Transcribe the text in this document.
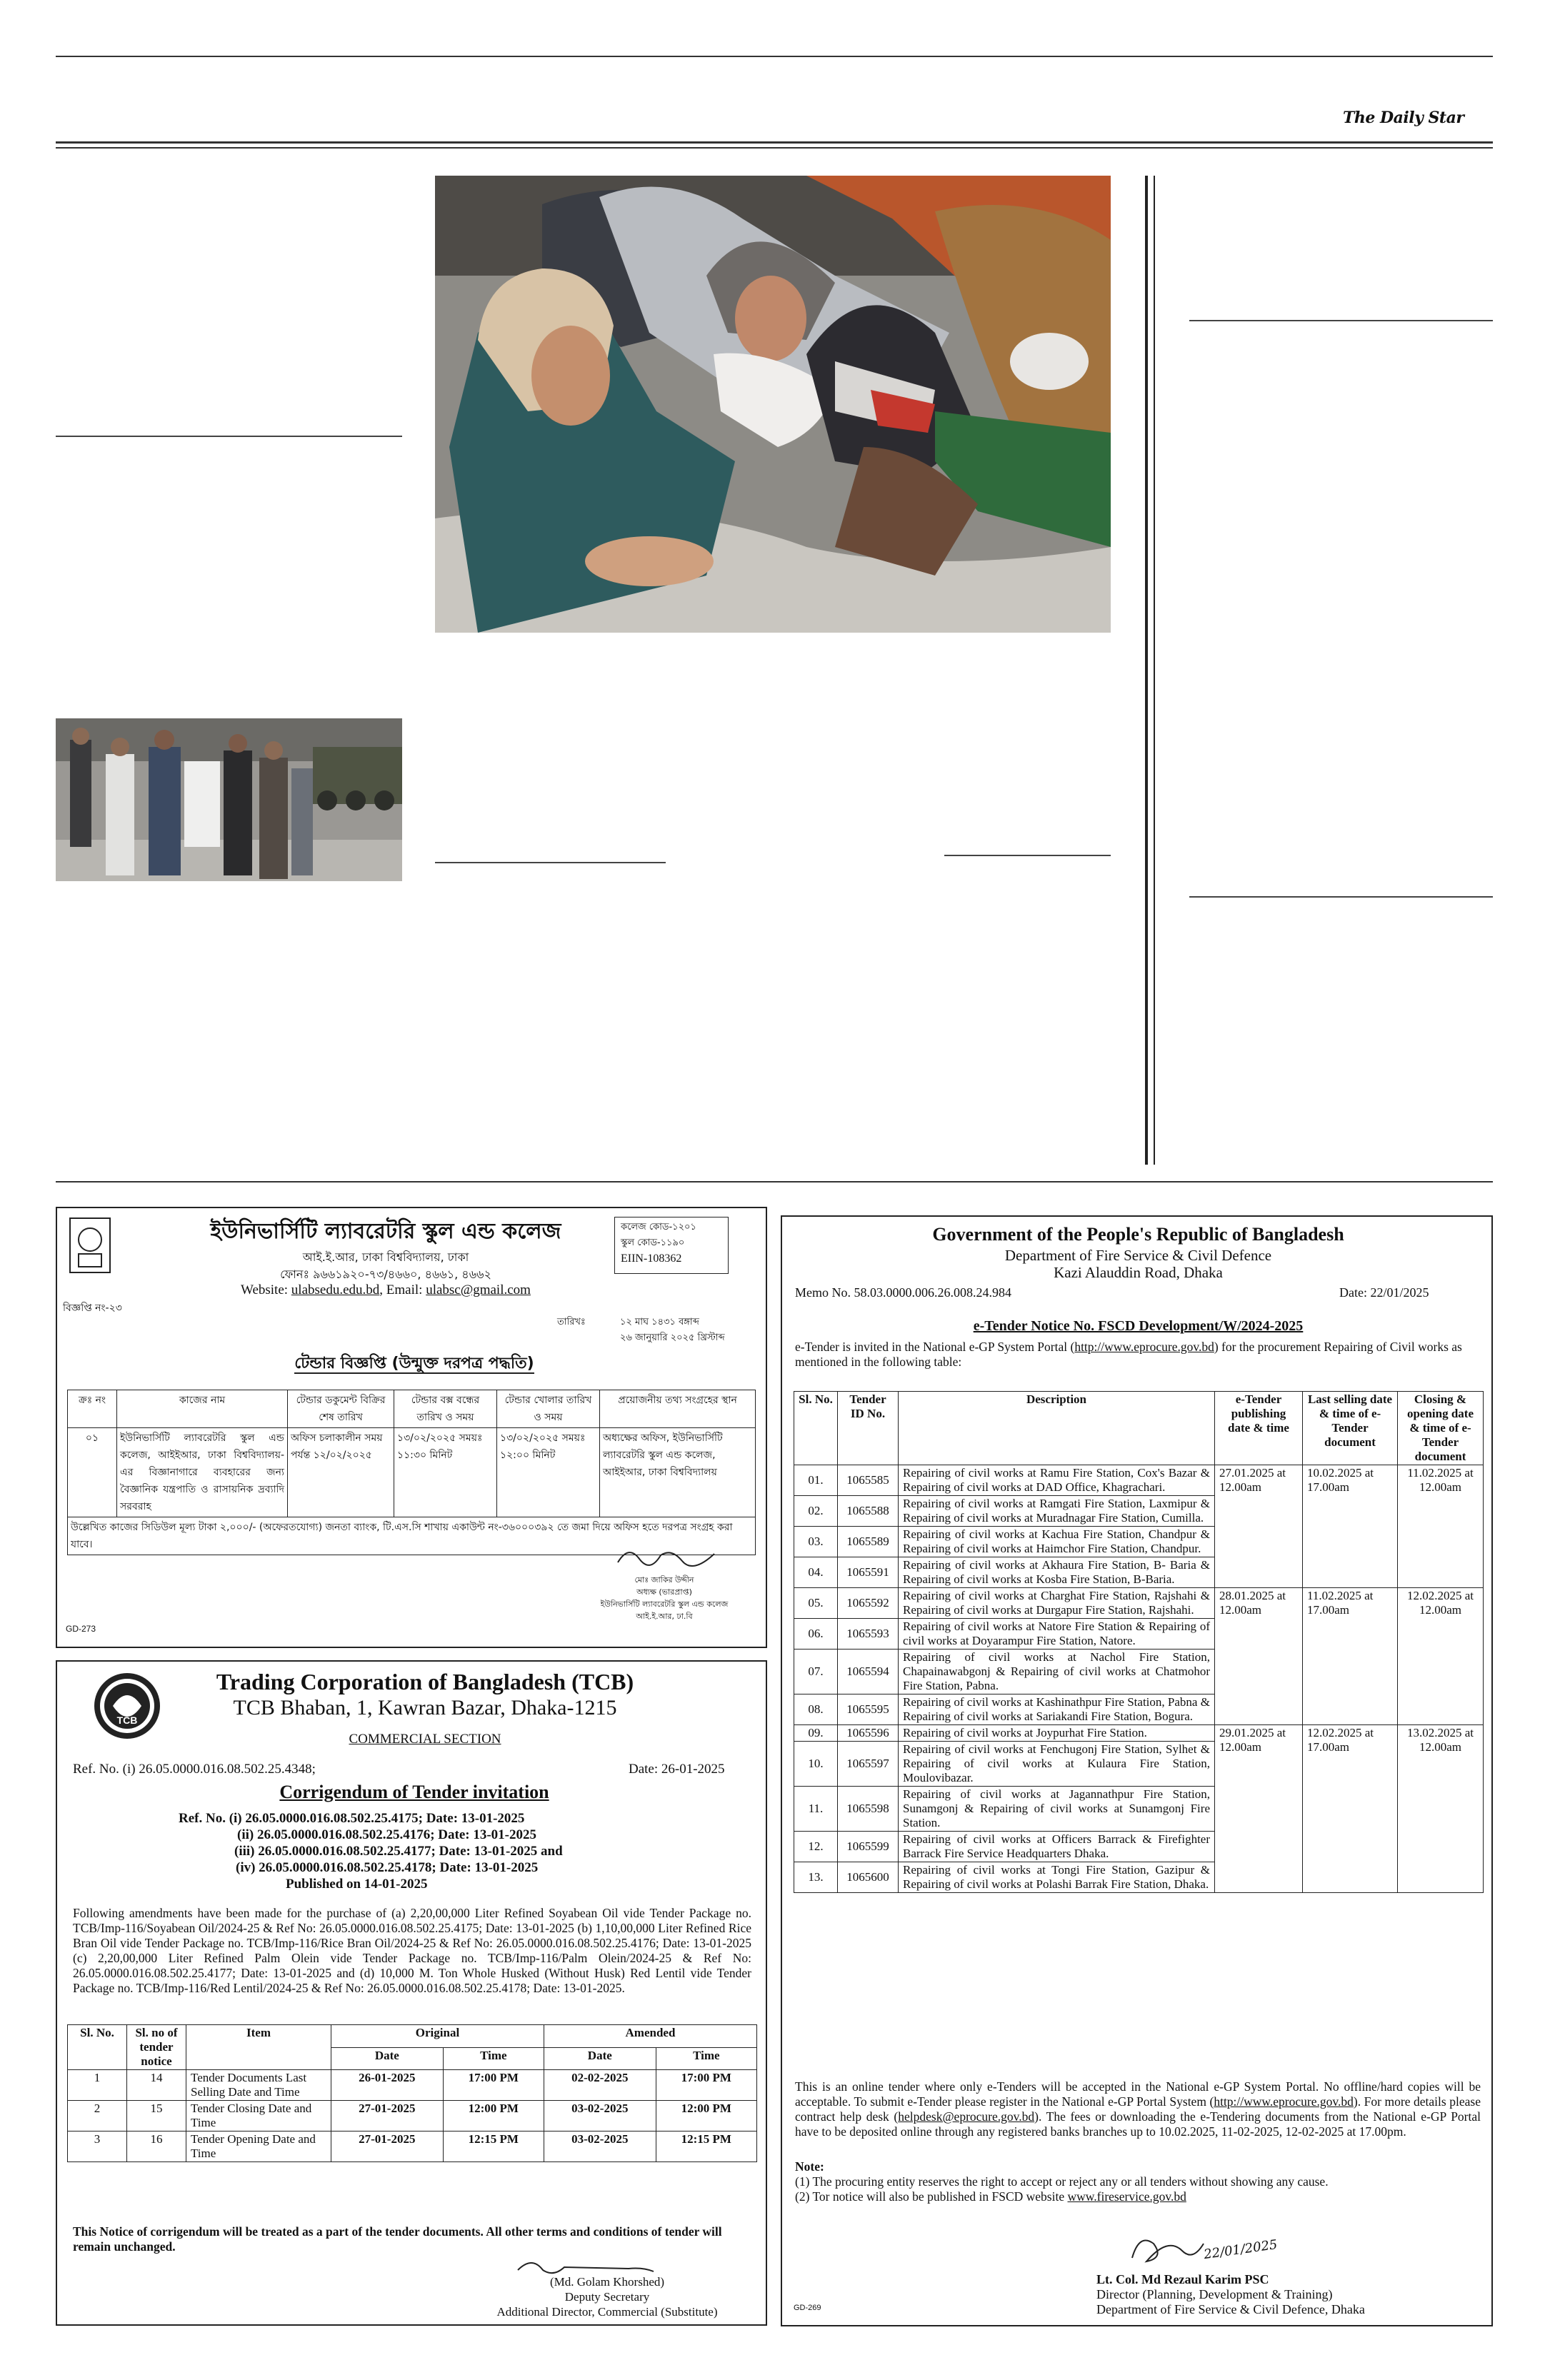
The Daily Star
ইউনিভার্সিটি ল্যাবরেটরি স্কুল এন্ড কলেজ
আই.ই.আর, ঢাকা বিশ্ববিদ্যালয়, ঢাকা
ফোনঃ ৯৬৬১৯২০-৭৩/৪৬৬০, ৪৬৬১, ৪৬৬২
Website: ulabsedu.edu.bd, Email: ulabsc@gmail.com
কলেজ কোড-১২০১
স্কুল কোড-১১৯০
EIIN-108362
বিজ্ঞপ্তি নং-২৩
তারিখঃ	১২ মাঘ ১৪৩১ বঙ্গাব্দ
২৬ জানুয়ারি ২০২৫ খ্রিস্টাব্দ
টেন্ডার বিজ্ঞপ্তি (উন্মুক্ত দরপত্র পদ্ধতি)
ক্রঃ নং	কাজের নাম	টেন্ডার ডকুমেন্ট বিক্রির শেষ তারিখ	টেন্ডার বক্স বন্ধের তারিখ ও সময়	টেন্ডার খোলার তারিখ ও সময়	প্রয়োজনীয় তথ্য সংগ্রহের স্থান
০১	ইউনিভার্সিটি ল্যাবরেটরি স্কুল এন্ড কলেজ, আইইআর, ঢাকা বিশ্ববিদ্যালয়-এর বিজ্ঞানাগারে ব্যবহারের জন্য বৈজ্ঞানিক যন্ত্রপাতি ও রাসায়নিক দ্রব্যাদি সরবরাহ	অফিস চলাকালীন সময় পর্যন্ত ১২/০২/২০২৫	১৩/০২/২০২৫ সময়ঃ ১১:৩০ মিনিট	১৩/০২/২০২৫ সময়ঃ ১২:০০ মিনিট	অধ্যক্ষের অফিস, ইউনিভার্সিটি ল্যাবরেটরি স্কুল এন্ড কলেজ, আইইআর, ঢাকা বিশ্ববিদ্যালয়
উল্লেখিত কাজের সিডিউল মূল্য টাকা ২,০০০/- (অফেরতযোগ্য) জনতা ব্যাংক, টি.এস.সি শাখায় একাউন্ট নং-৩৬০০০৩৯২ তে জমা দিয়ে অফিস হতে দরপত্র সংগ্রহ করা যাবে।					
মোঃ জাকির উদ্দীন
অধ্যক্ষ (ভারপ্রাপ্ত)
ইউনিভার্সিটি ল্যাবরেটরি স্কুল এন্ড কলেজ
আই.ই.আর, ঢা.বি
GD-273
TCB
Trading Corporation of Bangladesh (TCB)
TCB Bhaban, 1, Kawran Bazar, Dhaka-1215
COMMERCIAL SECTION
Ref. No. (i) 26.05.0000.016.08.502.25.4348;	Date: 26-01-2025
Corrigendum of Tender invitation
Ref. No. (i) 26.05.0000.016.08.502.25.4175; Date: 13-01-2025
(ii) 26.05.0000.016.08.502.25.4176; Date: 13-01-2025
(iii) 26.05.0000.016.08.502.25.4177; Date: 13-01-2025 and
(iv) 26.05.0000.016.08.502.25.4178; Date: 13-01-2025
Published on 14-01-2025
Following amendments have been made for the purchase of (a) 2,20,00,000 Liter Refined Soyabean Oil vide Tender Package no. TCB/Imp-116/Soyabean Oil/2024-25 & Ref No: 26.05.0000.016.08.502.25.4175; Date: 13-01-2025 (b) 1,10,00,000 Liter Refined Rice Bran Oil vide Tender Package no. TCB/Imp-116/Rice Bran Oil/2024-25 & Ref No: 26.05.0000.016.08.502.25.4176; Date: 13-01-2025 (c) 2,20,00,000 Liter Refined Palm Olein vide Tender Package no. TCB/Imp-116/Palm Olein/2024-25 & Ref No: 26.05.0000.016.08.502.25.4177; Date: 13-01-2025 and (d) 10,000 M. Ton Whole Husked (Without Husk) Red Lentil vide Tender Package no. TCB/Imp-116/Red Lentil/2024-25 & Ref No: 26.05.0000.016.08.502.25.4178; Date: 13-01-2025.
Sl. No.	Sl. no of tender notice	Item	Original		Amended	
			Date	Time	Date	Time
1	14	Tender Documents Last Selling Date and Time	26-01-2025	17:00 PM	02-02-2025	17:00 PM
2	15	Tender Closing Date and Time	27-01-2025	12:00 PM	03-02-2025	12:00 PM
3	16	Tender Opening Date and Time	27-01-2025	12:15 PM	03-02-2025	12:15 PM
This Notice of corrigendum will be treated as a part of the tender documents. All other terms and conditions of tender will remain unchanged.
(Md. Golam Khorshed)
Deputy Secretary
Additional Director, Commercial (Substitute)
Government of the People's Republic of Bangladesh
Department of Fire Service & Civil Defence
Kazi Alauddin Road, Dhaka
Memo No. 58.03.0000.006.26.008.24.984	Date: 22/01/2025
e-Tender Notice No. FSCD Development/W/2024-2025
e-Tender is invited in the National e-GP System Portal (http://www.eprocure.gov.bd) for the procurement Repairing of Civil works as mentioned in the following table:
Sl. No.	Tender ID No.	Description	e-Tender publishing date & time	Last selling date & time of e-Tender document	Closing & opening date & time of e-Tender document
01.	1065585	Repairing of civil works at Ramu Fire Station, Cox's Bazar & Repairing of civil works at DAD Office, Khagrachari.	27.01.2025 at 12.00am	10.02.2025 at 17.00am	11.02.2025 at 12.00am
02.	1065588	Repairing of civil works at Ramgati Fire Station, Laxmipur & Repairing of civil works at Muradnagar Fire Station, Cumilla.			
03.	1065589	Repairing of civil works at Kachua Fire Station, Chandpur & Repairing of civil works at Haimchor Fire Station, Chandpur.			
04.	1065591	Repairing of civil works at Akhaura Fire Station, B- Baria & Repairing of civil works at Kosba Fire Station, B-Baria.			
05.	1065592	Repairing of civil works at Charghat Fire Station, Rajshahi & Repairing of civil works at Durgapur Fire Station, Rajshahi.	28.01.2025 at 12.00am	11.02.2025 at 17.00am	12.02.2025 at 12.00am
06.	1065593	Repairing of civil works at Natore Fire Station & Repairing of civil works at Doyarampur Fire Station, Natore.			
07.	1065594	Repairing of civil works at Nachol Fire Station, Chapainawabgonj & Repairing of civil works at Chatmohor Fire Station, Pabna.			
08.	1065595	Repairing of civil works at Kashinathpur Fire Station, Pabna & Repairing of civil works at Sariakandi Fire Station, Bogura.			
09.	1065596	Repairing of civil works at Joypurhat Fire Station.	29.01.2025 at 12.00am	12.02.2025 at 17.00am	13.02.2025 at 12.00am
10.	1065597	Repairing of civil works at Fenchugonj Fire Station, Sylhet & Repairing of civil works at Kulaura Fire Station, Moulovibazar.			
11.	1065598	Repairing of civil works at Jagannathpur Fire Station, Sunamgonj & Repairing of civil works at Sunamgonj Fire Station.			
12.	1065599	Repairing of civil works at Officers Barrack & Firefighter Barrack Fire Service Headquarters Dhaka.			
13.	1065600	Repairing of civil works at Tongi Fire Station, Gazipur & Repairing of civil works at Polashi Barrak Fire Station, Dhaka.			
This is an online tender where only e-Tenders will be accepted in the National e-GP System Portal. No offline/hard copies will be acceptable. To submit e-Tender please register in the National e-GP Portal System (http://www.eprocure.gov.bd). For more details please contract help desk (helpdesk@eprocure.gov.bd). The fees or downloading the e-Tendering documents from the National e-GP Portal have to be deposited online through any registered banks branches up to 10.02.2025, 11-02-2025, 12-02-2025 at 17.00pm.
Note:
(1) The procuring entity reserves the right to accept or reject any or all tenders without showing any cause.
(2) Tor notice will also be published in FSCD website www.fireservice.gov.bd
22/01/2025
Lt. Col. Md Rezaul Karim PSC
Director (Planning, Development & Training)
Department of Fire Service & Civil Defence, Dhaka
GD-269
